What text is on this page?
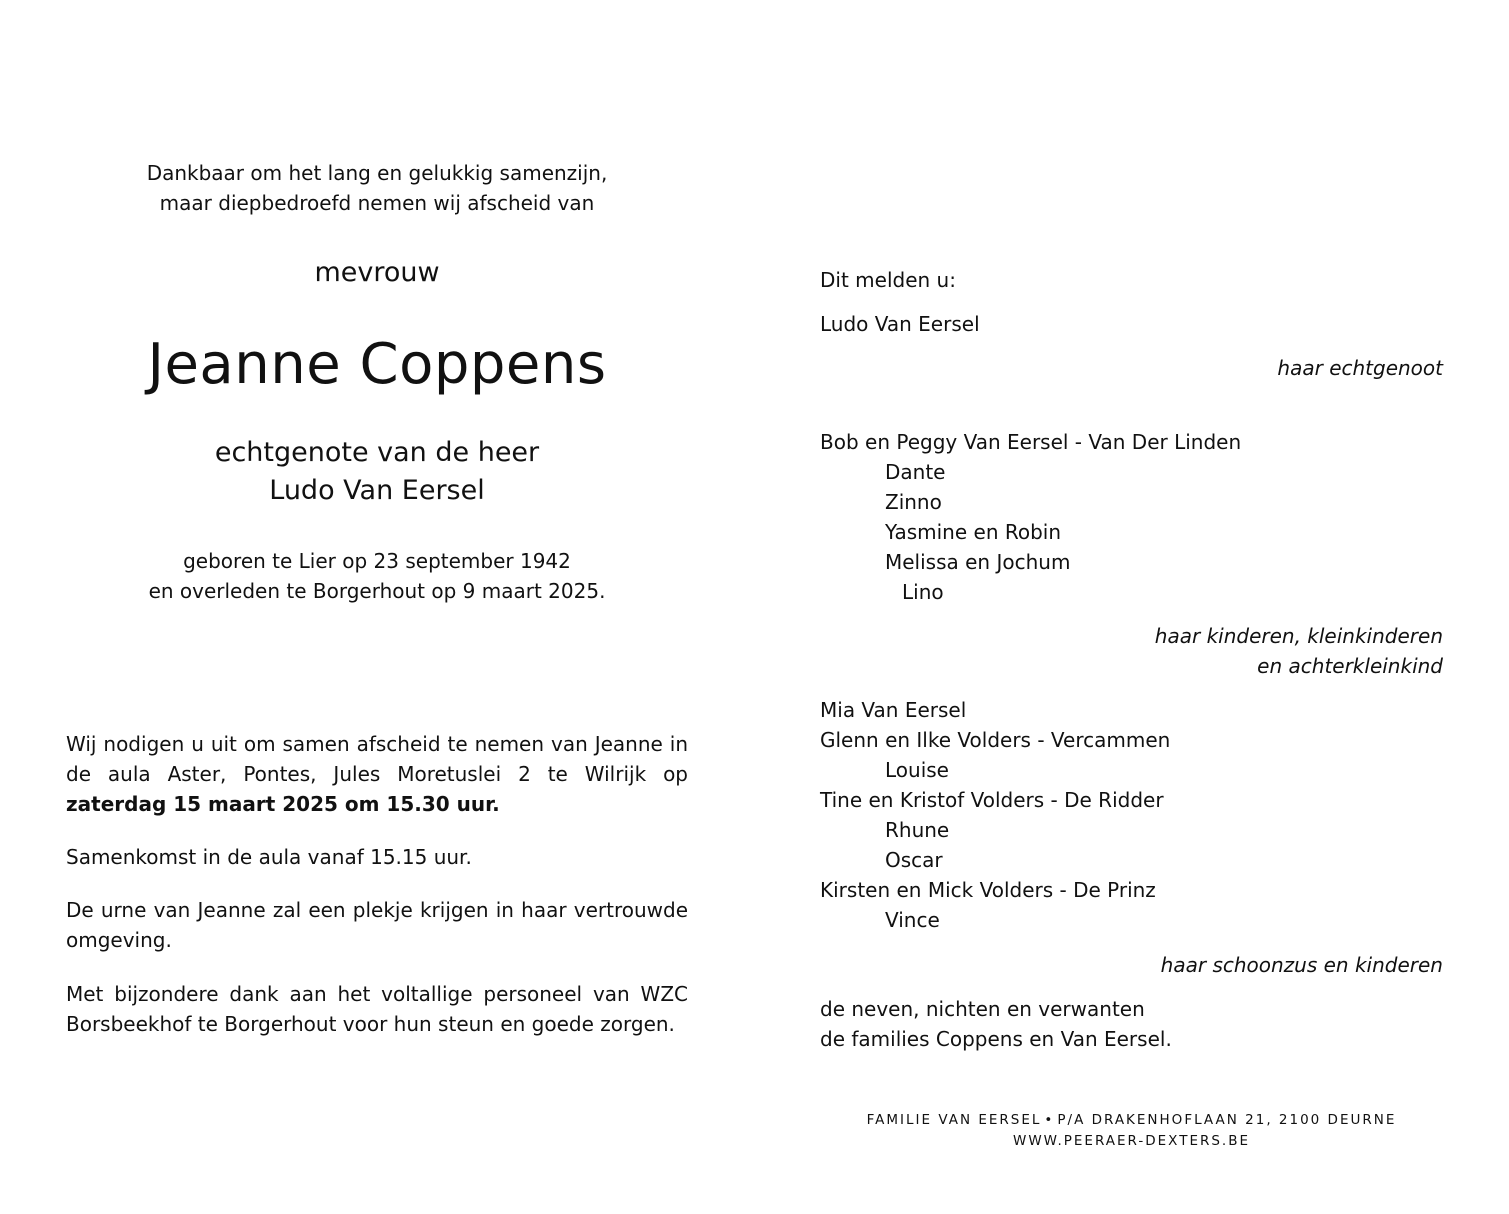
Dankbaar om het lang en gelukkig samenzijn,
maar diepbedroefd nemen wij afscheid van
mevrouw
Jeanne Coppens
echtgenote van de heer
Ludo Van Eersel
geboren te Lier op 23 september 1942
en overleden te Borgerhout op 9 maart 2025.
Wij nodigen u uit om samen afscheid te nemen van Jeanne in de aula Aster, Pontes, Jules Moretuslei 2 te Wilrijk op zaterdag 15 maart 2025 om 15.30 uur.
Samenkomst in de aula vanaf 15.15 uur.
De urne van Jeanne zal een plekje krijgen in haar vertrouwde omgeving.
Met bijzondere dank aan het voltallige personeel van WZC Borsbeekhof te Borgerhout voor hun steun en goede zorgen.
Dit melden u:
Ludo Van Eersel
haar echtgenoot
Bob en Peggy Van Eersel - Van Der Linden
Dante
Zinno
Yasmine en Robin
Melissa en Jochum
Lino
haar kinderen, kleinkinderen
en achterkleinkind
Mia Van Eersel
Glenn en Ilke Volders - Vercammen
Louise
Tine en Kristof Volders - De Ridder
Rhune
Oscar
Kirsten en Mick Volders - De Prinz
Vince
haar schoonzus en kinderen
de neven, nichten en verwanten
de families Coppens en Van Eersel.
FAMILIE VAN EERSEL • P/A DRAKENHOFLAAN 21, 2100 DEURNE
WWW.PEERAER-DEXTERS.BE
